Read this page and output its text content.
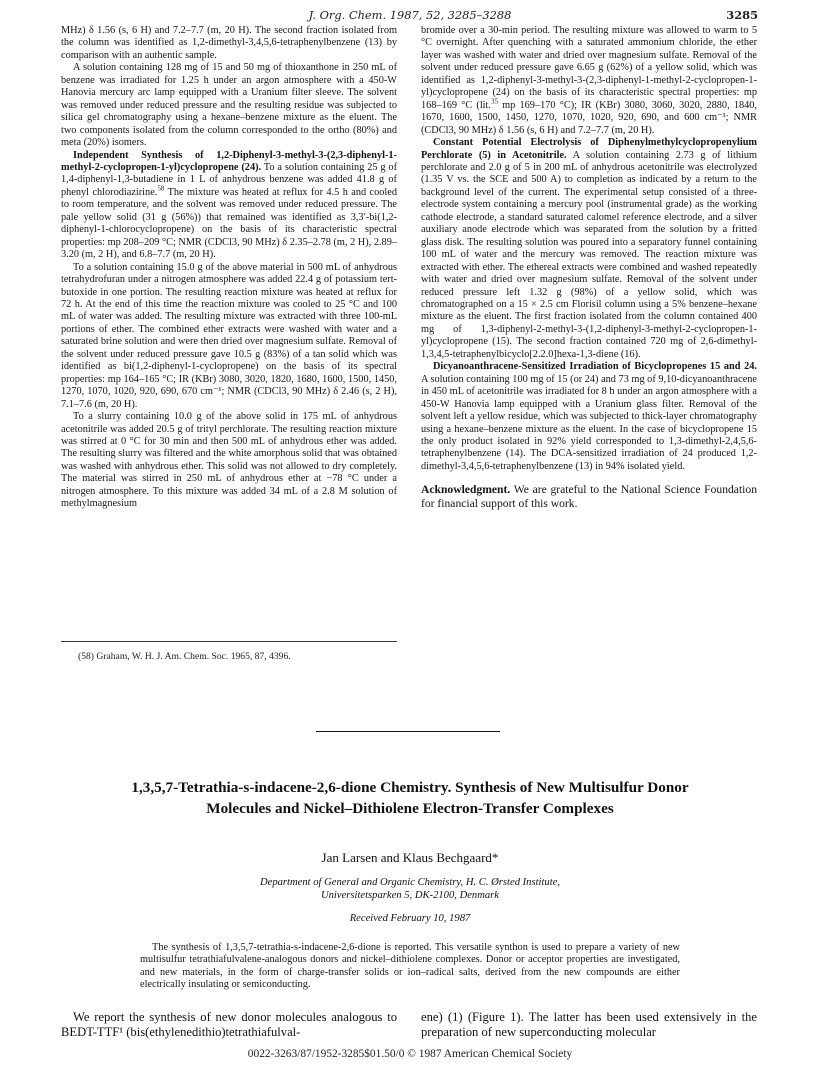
J. Org. Chem. 1987, 52, 3285–3288	3285

MHz) δ 1.56 (s, 6 H) and 7.2–7.7 (m, 20 H). The second fraction isolated from the column was identified as 1,2-dimethyl-3,4,5,6-tetraphenylbenzene (13) by comparison with an authentic sample.

A solution containing 128 mg of 15 and 50 mg of thioxanthone in 250 mL of benzene was irradiated for 1.25 h under an argon atmosphere with a 450-W Hanovia mercury arc lamp equipped with a Uranium filter sleeve. The solvent was removed under reduced pressure and the resulting residue was subjected to silica gel chromatography using a hexane–benzene mixture as the eluent. The two components isolated from the column corresponded to the ortho (80%) and meta (20%) isomers.

Independent Synthesis of 1,2-Diphenyl-3-methyl-3-(2,3-diphenyl-1-methyl-2-cyclopropen-1-yl)cyclopropene (24). To a solution containing 25 g of 1,4-diphenyl-1,3-butadiene in 1 L of anhydrous benzene was added 41.8 g of phenyl chlorodiazirine.$^{58}$ The mixture was heated at reflux for 4.5 h and cooled to room temperature, and the solvent was removed under reduced pressure. The pale yellow solid (31 g (56%)) that remained was identified as 3,3′-bi(1,2-diphenyl-1-chlorocyclopropene) on the basis of its characteristic spectral properties: mp 208–209 °C; NMR (CDCl3, 90 MHz) δ 2.35–2.78 (m, 2 H), 2.89–3.20 (m, 2 H), and 6.8–7.7 (m, 20 H).

To a solution containing 15.0 g of the above material in 500 mL of anhydrous tetrahydrofuran under a nitrogen atmosphere was added 22.4 g of potassium tert-butoxide in one portion. The resulting reaction mixture was heated at reflux for 72 h. At the end of this time the reaction mixture was cooled to 25 °C and 100 mL of water was added. The resulting mixture was extracted with three 100-mL portions of ether. The combined ether extracts were washed with water and a saturated brine solution and were then dried over magnesium sulfate. Removal of the solvent under reduced pressure gave 10.5 g (83%) of a tan solid which was identified as bi(1,2-diphenyl-1-cyclopropene) on the basis of its spectral properties: mp 164–165 °C; IR (KBr) 3080, 3020, 1820, 1680, 1600, 1500, 1450, 1270, 1070, 1020, 920, 690, 670 cm⁻¹; NMR (CDCl3, 90 MHz) δ 2.46 (s, 2 H), 7.1–7.6 (m, 20 H).

To a slurry containing 10.0 g of the above solid in 175 mL of anhydrous acetonitrile was added 20.5 g of trityl perchlorate. The resulting reaction mixture was stirred at 0 °C for 30 min and then 500 mL of anhydrous ether was added. The resulting slurry was filtered and the white amorphous solid that was obtained was washed with anhydrous ether. This solid was not allowed to dry completely. The material was stirred in 250 mL of anhydrous ether at −78 °C under a nitrogen atmosphere. To this mixture was added 34 mL of a 2.8 M solution of methylmagnesium

bromide over a 30-min period. The resulting mixture was allowed to warm to 5 °C overnight. After quenching with a saturated ammonium chloride, the ether layer was washed with water and dried over magnesium sulfate. Removal of the solvent under reduced pressure gave 6.65 g (62%) of a yellow solid, which was identified as 1,2-diphenyl-3-methyl-3-(2,3-diphenyl-1-methyl-2-cyclopropen-1-yl)cyclopropene (24) on the basis of its characteristic spectral properties: mp 168–169 °C (lit.$^{35}$ mp 169–170 °C); IR (KBr) 3080, 3060, 3020, 2880, 1840, 1670, 1600, 1500, 1450, 1270, 1070, 1020, 920, 690, and 600 cm⁻¹; NMR (CDCl3, 90 MHz) δ 1.56 (s, 6 H) and 7.2–7.7 (m, 20 H).

Constant Potential Electrolysis of Diphenylmethylcyclopropenylium Perchlorate (5) in Acetonitrile. A solution containing 2.73 g of lithium perchlorate and 2.0 g of 5 in 200 mL of anhydrous acetonitrile was electrolyzed (1.35 V vs. the SCE and 500 A) to completion as indicated by a return to the background level of the current. The experimental setup consisted of a three-electrode system containing a mercury pool (instrumental grade) as the working cathode electrode, a standard saturated calomel reference electrode, and a silver auxiliary anode electrode which was separated from the solution by a fritted glass disk. The resulting solution was poured into a separatory funnel containing 100 mL of water and the mercury was removed. The reaction mixture was extracted with ether. The ethereal extracts were combined and washed repeatedly with water and dried over magnesium sulfate. Removal of the solvent under reduced pressure left 1.32 g (98%) of a yellow solid, which was chromatographed on a 15 × 2.5 cm Florisil column using a 5% benzene–hexane mixture as the eluent. The first fraction isolated from the column contained 400 mg of 1,3-diphenyl-2-methyl-3-(1,2-diphenyl-3-methyl-2-cyclopropen-1-yl)cyclopropene (15). The second fraction contained 720 mg of 2,6-dimethyl-1,3,4,5-tetraphenylbicyclo[2.2.0]hexa-1,3-diene (16).

Dicyanoanthracene-Sensitized Irradiation of Bicyclopropenes 15 and 24. A solution containing 100 mg of 15 (or 24) and 73 mg of 9,10-dicyanoanthracene in 450 mL of acetonitrile was irradiated for 8 h under an argon atmosphere with a 450-W Hanovia lamp equipped with a Uranium glass filter. Removal of the solvent left a yellow residue, which was subjected to thick-layer chromatography using a hexane–benzene mixture as the eluent. In the case of bicyclopropene 15 the only product isolated in 92% yield corresponded to 1,3-dimethyl-2,4,5,6-tetraphenylbenzene (14). The DCA-sensitized irradiation of 24 produced 1,2-dimethyl-3,4,5,6-tetraphenylbenzene (13) in 94% isolated yield.

Acknowledgment. We are grateful to the National Science Foundation for financial support of this work.

(58) Graham, W. H. J. Am. Chem. Soc. 1965, 87, 4396.
1,3,5,7-Tetrathia-s-indacene-2,6-dione Chemistry. Synthesis of New Multisulfur Donor Molecules and Nickel–Dithiolene Electron-Transfer Complexes
Jan Larsen and Klaus Bechgaard*
Department of General and Organic Chemistry, H. C. Ørsted Institute,
Universitetsparken 5, DK-2100, Denmark
Received February 10, 1987
The synthesis of 1,3,5,7-tetrathia-s-indacene-2,6-dione is reported. This versatile synthon is used to prepare a variety of new multisulfur tetrathiafulvalene-analogous donors and nickel–dithiolene complexes. Donor or acceptor properties are investigated, and new materials, in the form of charge-transfer solids or ion–radical salts, derived from the new compounds are either electrically insulating or semiconducting.
We report the synthesis of new donor molecules analogous to BEDT-TTF¹ (bis(ethylenedithio)tetrathiafulval-
ene) (1) (Figure 1). The latter has been used extensively in the preparation of new superconducting molecular
0022-3263/87/1952-3285$01.50/0 © 1987 American Chemical Society
